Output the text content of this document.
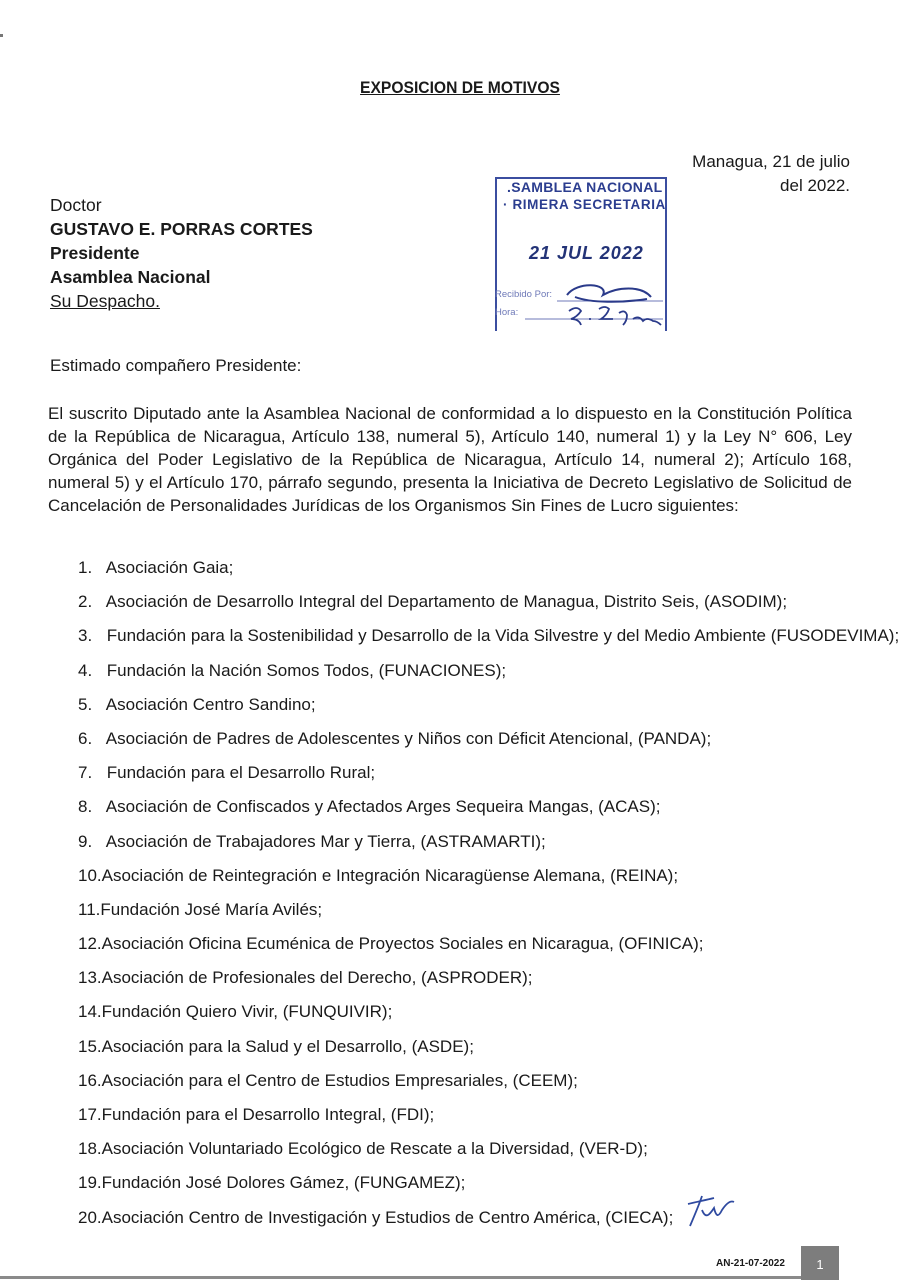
EXPOSICION DE MOTIVOS
Managua, 21 de julio del 2022.
Doctor
GUSTAVO E. PORRAS CORTES
Presidente
Asamblea Nacional
Su Despacho.
.SAMBLEA NACIONAL
· RIMERA SECRETARIA
21 JUL 2022
Recibido Por:
Hora:
Estimado compañero Presidente:
El suscrito Diputado ante la Asamblea Nacional de conformidad a lo dispuesto en la Constitución Política de la República de Nicaragua, Artículo 138, numeral 5), Artículo 140, numeral 1) y la Ley N° 606, Ley Orgánica del Poder Legislativo de la República de Nicaragua, Artículo 14, numeral 2); Artículo 168, numeral 5) y el Artículo 170, párrafo segundo, presenta la Iniciativa de Decreto Legislativo de Solicitud de Cancelación de Personalidades Jurídicas de los Organismos Sin Fines de Lucro siguientes:
1. Asociación Gaia;
2. Asociación de Desarrollo Integral del Departamento de Managua, Distrito Seis, (ASODIM);
3. Fundación para la Sostenibilidad y Desarrollo de la Vida Silvestre y del Medio Ambiente (FUSODEVIMA);
4. Fundación la Nación Somos Todos, (FUNACIONES);
5. Asociación Centro Sandino;
6. Asociación de Padres de Adolescentes y Niños con Déficit Atencional, (PANDA);
7. Fundación para el Desarrollo Rural;
8. Asociación de Confiscados y Afectados Arges Sequeira Mangas, (ACAS);
9. Asociación de Trabajadores Mar y Tierra, (ASTRAMARTI);
10.Asociación de Reintegración e Integración Nicaragüense Alemana, (REINA);
11.Fundación José María Avilés;
12.Asociación Oficina Ecuménica de Proyectos Sociales en Nicaragua, (OFINICA);
13.Asociación de Profesionales del Derecho, (ASPRODER);
14.Fundación Quiero Vivir, (FUNQUIVIR);
15.Asociación para la Salud y el Desarrollo, (ASDE);
16.Asociación para el Centro de Estudios Empresariales, (CEEM);
17.Fundación para el Desarrollo Integral, (FDI);
18.Asociación Voluntariado Ecológico de Rescate a la Diversidad, (VER-D);
19.Fundación José Dolores Gámez, (FUNGAMEZ);
20.Asociación Centro de Investigación y Estudios de Centro América, (CIECA);
AN-21-07-2022	1
